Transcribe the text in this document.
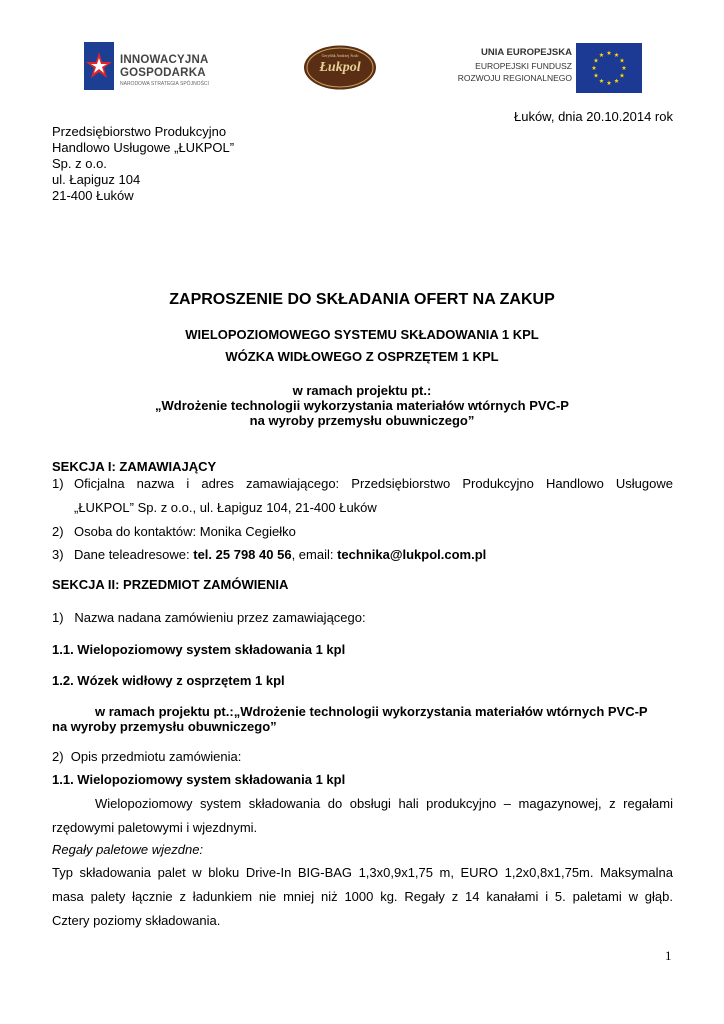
INNOWACYJNA
GOSPODARKA
NARODOWA STRATEGIA SPÓJNOŚCI
Gerybhk Andrzej Šcub
Łukpol
UNIA EUROPEJSKA
EUROPEJSKI FUNDUSZ
ROZWOJU REGIONALNEGO
Łuków, dnia 20.10.2014 rok
Przedsiębiorstwo Produkcyjno
Handlowo Usługowe „ŁUKPOL”
Sp. z o.o.
ul. Łapiguz 104
21-400 Łuków
ZAPROSZENIE DO SKŁADANIA OFERT NA ZAKUP
WIELOPOZIOMOWEGO SYSTEMU SKŁADOWANIA 1 KPL
WÓZKA WIDŁOWEGO Z OSPRZĘTEM 1 KPL
w ramach projektu pt.:
„Wdrożenie technologii wykorzystania materiałów wtórnych PVC-P
na wyroby przemysłu obuwniczego”
SEKCJA I: ZAMAWIAJĄCY
1) Oficjalna nazwa i adres zamawiającego: Przedsiębiorstwo Produkcyjno Handlowo Usługowe
„ŁUKPOL” Sp. z o.o., ul. Łapiguz 104, 21-400 Łuków
2) Osoba do kontaktów: Monika Cegiełko
3) Dane teleadresowe: tel. 25 798 40 56, email: technika@lukpol.com.pl
SEKCJA II: PRZEDMIOT ZAMÓWIENIA
1)   Nazwa nadana zamówieniu przez zamawiającego:
1.1. Wielopoziomowy system składowania 1 kpl
1.2. Wózek widłowy z osprzętem 1 kpl
w ramach projektu pt.:„Wdrożenie technologii wykorzystania materiałów wtórnych PVC-P
na wyroby przemysłu obuwniczego”
2)  Opis przedmiotu zamówienia:
1.1. Wielopoziomowy system składowania 1 kpl
Wielopoziomowy system składowania do obsługi hali produkcyjno – magazynowej, z regałami
rzędowymi paletowymi i wjezdnymi.
Regały paletowe wjezdne:
Typ składowania palet w bloku Drive-In BIG-BAG 1,3x0,9x1,75 m, EURO 1,2x0,8x1,75m. Maksymalna
masa palety łącznie z ładunkiem nie mniej niż 1000 kg. Regały z 14 kanałami i 5. paletami w głąb.
Cztery poziomy składowania.
1
